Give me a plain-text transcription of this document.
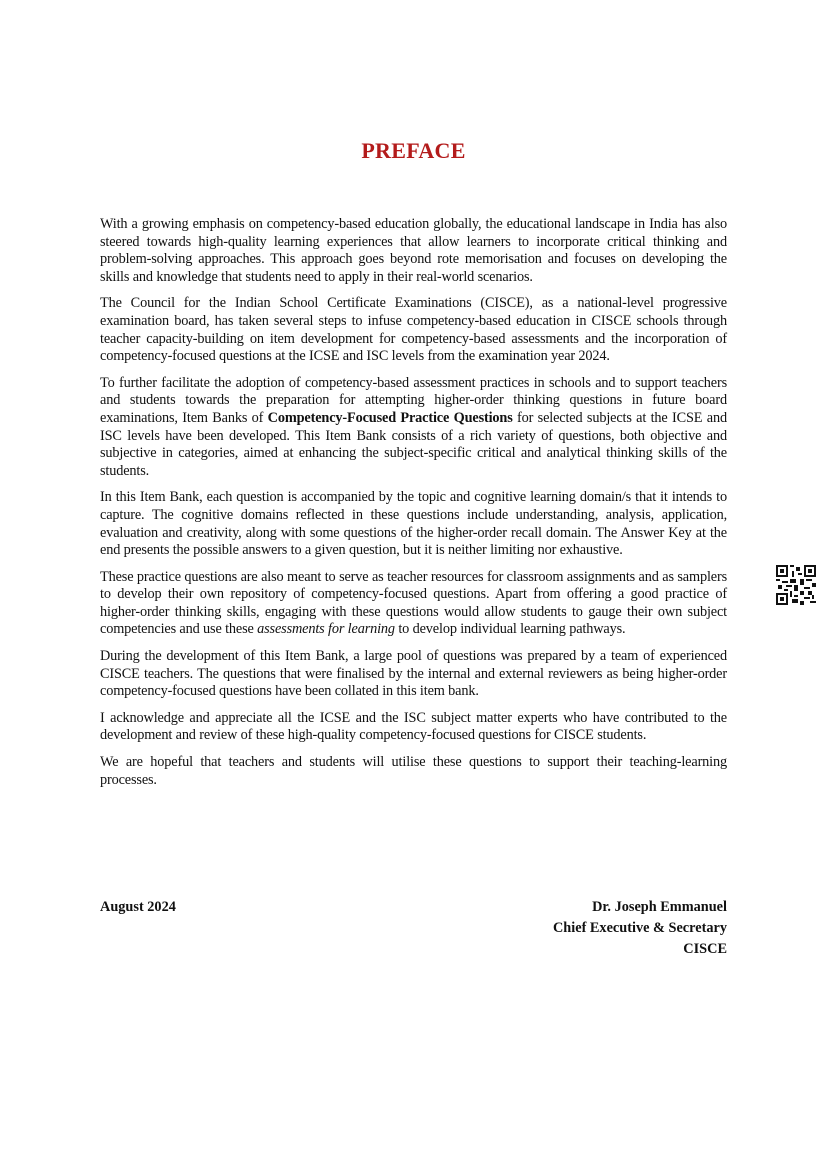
PREFACE

With a growing emphasis on competency-based education globally, the educational landscape in India has also steered towards high-quality learning experiences that allow learners to incorporate critical thinking and problem-solving approaches. This approach goes beyond rote memorisation and focuses on developing the skills and knowledge that students need to apply in their real-world scenarios.

The Council for the Indian School Certificate Examinations (CISCE), as a national-level progressive examination board, has taken several steps to infuse competency-based education in CISCE schools through teacher capacity-building on item development for competency-based assessments and the incorporation of competency-focused questions at the ICSE and ISC levels from the examination year 2024.

To further facilitate the adoption of competency-based assessment practices in schools and to support teachers and students towards the preparation for attempting higher-order thinking questions in future board examinations, Item Banks of Competency-Focused Practice Questions for selected subjects at the ICSE and ISC levels have been developed. This Item Bank consists of a rich variety of questions, both objective and subjective in categories, aimed at enhancing the subject-specific critical and analytical thinking skills of the students.

In this Item Bank, each question is accompanied by the topic and cognitive learning domain/s that it intends to capture. The cognitive domains reflected in these questions include understanding, analysis, application, evaluation and creativity, along with some questions of the higher-order recall domain. The Answer Key at the end presents the possible answers to a given question, but it is neither limiting nor exhaustive.

These practice questions are also meant to serve as teacher resources for classroom assignments and as samplers to develop their own repository of competency-focused questions. Apart from offering a good practice of higher-order thinking skills, engaging with these questions would allow students to gauge their own subject competencies and use these assessments for learning to develop individual learning pathways.

During the development of this Item Bank, a large pool of questions was prepared by a team of experienced CISCE teachers. The questions that were finalised by the internal and external reviewers as being higher-order competency-focused questions have been collated in this item bank.

I acknowledge and appreciate all the ICSE and the ISC subject matter experts who have contributed to the development and review of these high-quality competency-focused questions for CISCE students.

We are hopeful that teachers and students will utilise these questions to support their teaching-learning processes.

August 2024	Dr. Joseph Emmanuel
Chief Executive & Secretary
CISCE
